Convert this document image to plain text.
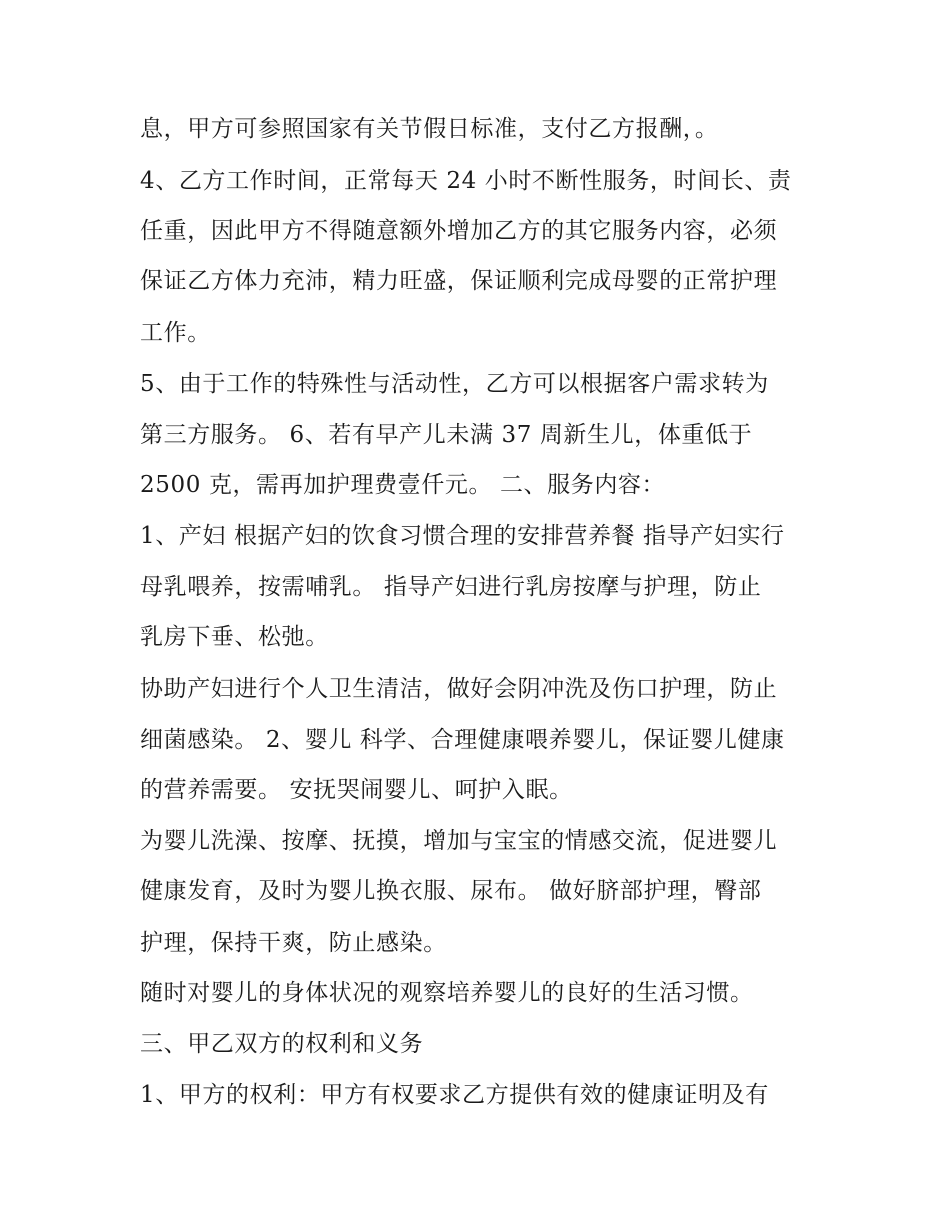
息，甲方可参照国家有关节假日标准，支付乙方报酬，。
4、乙方工作时间，正常每天 24 小时不断性服务，时间长、责
任重，因此甲方不得随意额外增加乙方的其它服务内容，必须
保证乙方体力充沛，精力旺盛，保证顺利完成母婴的正常护理
工作。
5、由于工作的特殊性与活动性，乙方可以根据客户需求转为
第三方服务。 6、若有早产儿未满 37 周新生儿，体重低于
2500 克，需再加护理费壹仟元。 二、服务内容：
1、产妇 根据产妇的饮食习惯合理的安排营养餐 指导产妇实行
母乳喂养，按需哺乳。 指导产妇进行乳房按摩与护理，防止
乳房下垂、松弛。
协助产妇进行个人卫生清洁，做好会阴冲洗及伤口护理，防止
细菌感染。 2、婴儿 科学、合理健康喂养婴儿，保证婴儿健康
的营养需要。 安抚哭闹婴儿、呵护入眠。
为婴儿洗澡、按摩、抚摸，增加与宝宝的情感交流，促进婴儿
健康发育，及时为婴儿换衣服、尿布。 做好脐部护理，臀部
护理，保持干爽，防止感染。
随时对婴儿的身体状况的观察培养婴儿的良好的生活习惯。
三、甲乙双方的权利和义务
1、甲方的权利：甲方有权要求乙方提供有效的健康证明及有
